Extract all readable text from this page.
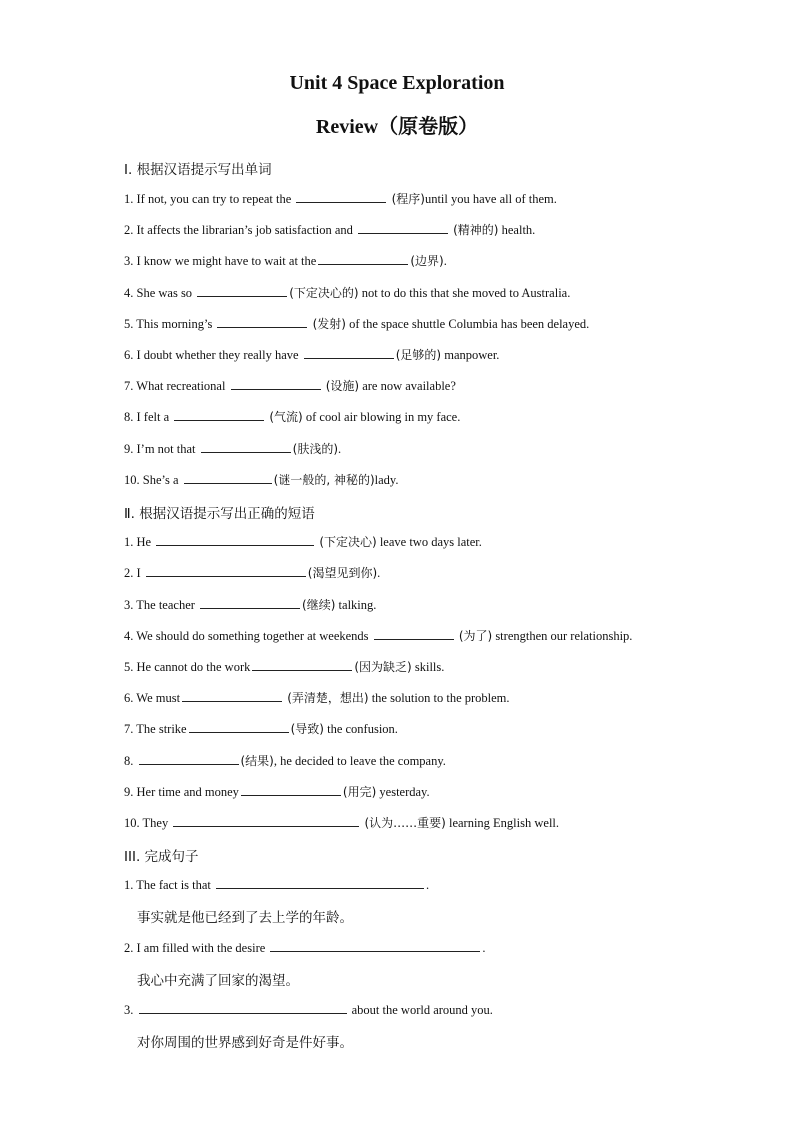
Unit 4 Space Exploration
Review（原卷版）
Ⅰ. 根据汉语提示写出单词
1. If not, you can try to repeat the	(程序)until you have all of them.
2. It affects the librarian’s job satisfaction and	(精神的) health.
3. I know we might have to wait at the	(边界).
4. She was so	(下定决心的) not to do this that she moved to Australia.
5. This morning’s	(发射) of the space shuttle Columbia has been delayed.
6. I doubt whether they really have	(足够的) manpower.
7. What recreational	(设施) are now available?
8. I felt a	(气流) of cool air blowing in my face.
9. I’m not that	(肤浅的).
10. She’s a	(谜一般的, 神秘的)lady.
Ⅱ. 根据汉语提示写出正确的短语
1. He	(下定决心) leave two days later.
2. I	(渴望见到你).
3. The teacher	(继续) talking.
4. We should do something together at weekends	(为了) strengthen our relationship.
5. He cannot do the work	(因为缺乏) skills.
6. We must	(弄清楚，想出) the solution to the problem.
7. The strike	(导致) the confusion.
8.	(结果), he decided to leave the company.
9. Her time and money	(用完) yesterday.
10. They	(认为……重要) learning English well.
III. 完成句子
1. The fact is that	.
事实就是他已经到了去上学的年龄。
2. I am filled with the desire	.
我心中充满了回家的渴望。
3.	about the world around you.
对你周围的世界感到好奇是件好事。
